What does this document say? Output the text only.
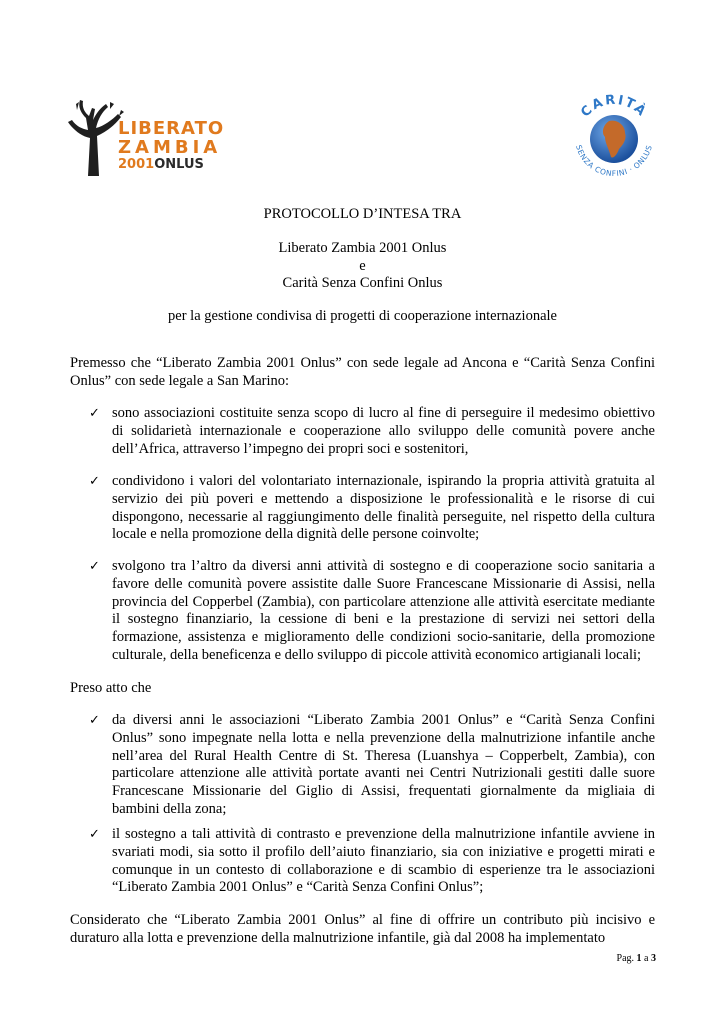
LIBERATO
ZAMBIA
2001ONLUS
CARITÀ
SENZA CONFINI · ONLUS
PROTOCOLLO D’INTESA TRA
Liberato Zambia 2001 Onlus
e
Carità Senza Confini Onlus
per la gestione condivisa di progetti di cooperazione internazionale
Premesso che “Liberato Zambia 2001 Onlus” con sede legale ad Ancona e “Carità Senza Confini Onlus” con sede legale a San Marino:
✓ sono associazioni costituite senza scopo di lucro al fine di perseguire il medesimo obiettivo di solidarietà internazionale e cooperazione allo sviluppo delle comunità povere anche dell’Africa, attraverso l’impegno dei propri soci e sostenitori,
✓ condividono i valori del volontariato internazionale, ispirando la propria attività gratuita al servizio dei più poveri e mettendo a disposizione le professionalità e le risorse di cui dispongono, necessarie al raggiungimento delle finalità perseguite, nel rispetto della cultura locale e nella promozione della dignità delle persone coinvolte;
✓ svolgono tra l’altro da diversi anni attività di sostegno e di cooperazione socio sanitaria a favore delle comunità povere assistite dalle Suore Francescane Missionarie di Assisi, nella provincia del Copperbel (Zambia), con particolare attenzione alle attività esercitate mediante il sostegno finanziario, la cessione di beni e la prestazione di servizi nei settori della formazione, assistenza e miglioramento delle condizioni socio-sanitarie, della promozione culturale, della beneficenza e dello sviluppo di piccole attività economico artigianali locali;
Preso atto che
✓ da diversi anni le associazioni “Liberato Zambia 2001 Onlus” e “Carità Senza Confini Onlus” sono impegnate nella lotta e nella prevenzione della malnutrizione infantile anche nell’area del Rural Health Centre di St. Theresa (Luanshya – Copperbelt, Zambia), con particolare attenzione alle attività portate avanti nei Centri Nutrizionali gestiti dalle suore Francescane Missionarie del Giglio di Assisi, frequentati giornalmente da migliaia di bambini della zona;
✓ il sostegno a tali attività di contrasto e prevenzione della malnutrizione infantile avviene in svariati modi, sia sotto il profilo dell’aiuto finanziario, sia con iniziative e progetti mirati e comunque in un contesto di collaborazione e di scambio di esperienze tra le associazioni “Liberato Zambia 2001 Onlus” e “Carità Senza Confini Onlus”;
Considerato che “Liberato Zambia 2001 Onlus” al fine di offrire un contributo più incisivo e duraturo alla lotta e prevenzione della malnutrizione infantile, già dal 2008 ha implementato
Pag. 1 a 3
